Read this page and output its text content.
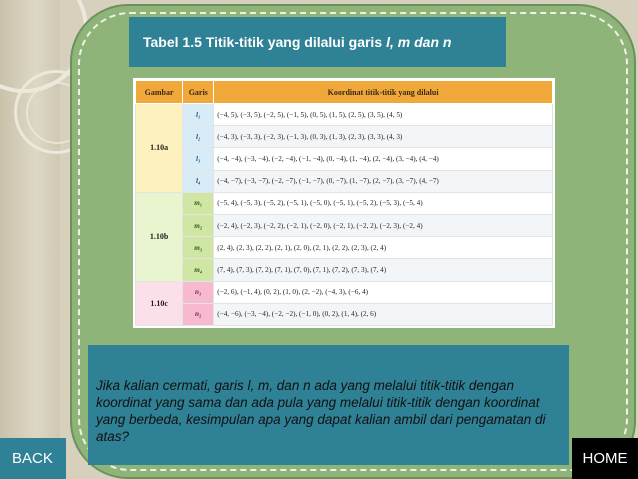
Tabel 1.5 Titik-titik yang dilalui garis l, m dan n
Gambar	Garis	Koordinat titik-titik yang dilalui
1.10a	l₁	(−4, 5), (−3, 5), (−2, 5), (−1, 5), (0, 5), (1, 5), (2, 5), (3, 5), (4, 5)
	l₂	(−4, 3), (−3, 3), (−2, 3), (−1, 3), (0, 3), (1, 3), (2, 3), (3, 3), (4, 3)
	l₃	(−4, −4), (−3, −4), (−2, −4), (−1, −4), (0, −4), (1, −4), (2, −4), (3, −4), (4, −4)
	l₄	(−4, −7), (−3, −7), (−2, −7), (−1, −7), (0, −7), (1, −7), (2, −7), (3, −7), (4, −7)
1.10b	m₁	(−5, 4), (−5, 3), (−5, 2), (−5, 1), (−5, 0), (−5, 1), (−5, 2), (−5, 3), (−5, 4)
	m₂	(−2, 4), (−2, 3), (−2, 2), (−2, 1), (−2, 0), (−2, 1), (−2, 2), (−2, 3), (−2, 4)
	m₃	(2, 4), (2, 3), (2, 2), (2, 1), (2, 0), (2, 1), (2, 2), (2, 3), (2, 4)
	m₄	(7, 4), (7, 3), (7, 2), (7, 1), (7, 0), (7, 1), (7, 2), (7, 3), (7, 4)
1.10c	n₁	(−2, 6), (−1, 4), (0, 2), (1, 0), (2, −2), (−4, 3), (−6, 4)
	n₂	(−4, −6), (−3, −4), (−2, −2), (−1, 0), (0, 2), (1, 4), (2, 6)
Jika kalian cermati, garis l, m, dan n ada yang melalui titik-titik dengan koordinat yang sama dan ada pula yang melalui titik-titik dengan koordinat yang berbeda, kesimpulan apa yang dapat kalian ambil dari pengamatan di atas?
BACK	HOME
